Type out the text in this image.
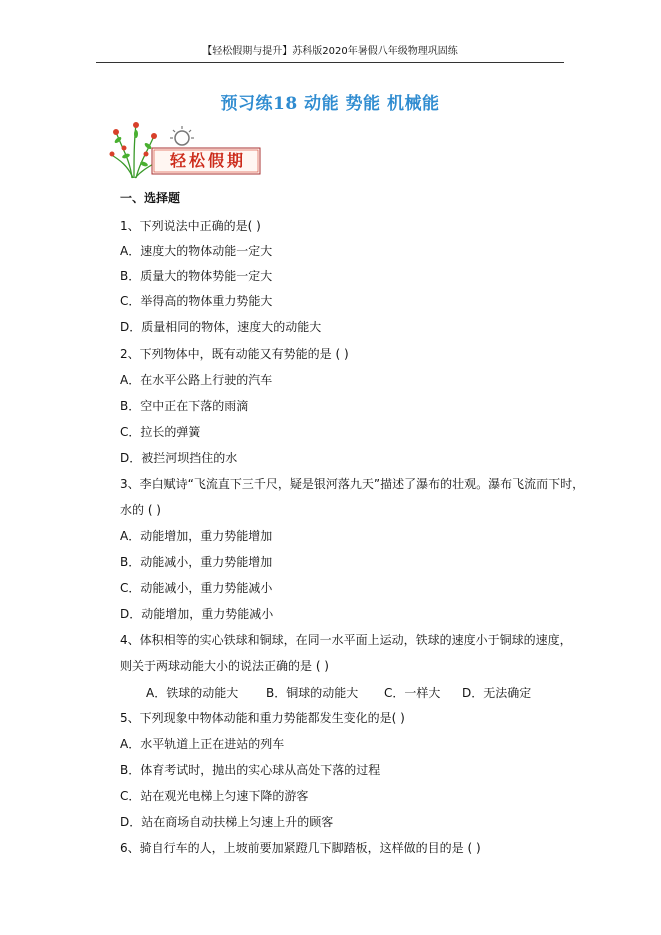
【轻松假期与提升】苏科版2020年暑假八年级物理巩固练
预习练18 动能 势能 机械能
轻松假期
一、选择题
1、下列说法中正确的是( )
A．速度大的物体动能一定大
B．质量大的物体势能一定大
C．举得高的物体重力势能大
D．质量相同的物体，速度大的动能大
2、下列物体中，既有动能又有势能的是 ( )
A．在水平公路上行驶的汽车
B．空中正在下落的雨滴
C．拉长的弹簧
D．被拦河坝挡住的水
3、李白赋诗“飞流直下三千尺，疑是银河落九天”描述了瀑布的壮观。瀑布飞流而下时，
水的 ( )
A．动能增加，重力势能增加
B．动能减小，重力势能增加
C．动能减小，重力势能减小
D．动能增加，重力势能减小
4、体积相等的实心铁球和铜球，在同一水平面上运动，铁球的速度小于铜球的速度，
则关于两球动能大小的说法正确的是 ( )
A．铁球的动能大 B．铜球的动能大 C．一样大 D．无法确定
5、下列现象中物体动能和重力势能都发生变化的是( )
A．水平轨道上正在进站的列车
B．体育考试时，抛出的实心球从高处下落的过程
C．站在观光电梯上匀速下降的游客
D．站在商场自动扶梯上匀速上升的顾客
6、骑自行车的人，上坡前要加紧蹬几下脚踏板，这样做的目的是 ( )
